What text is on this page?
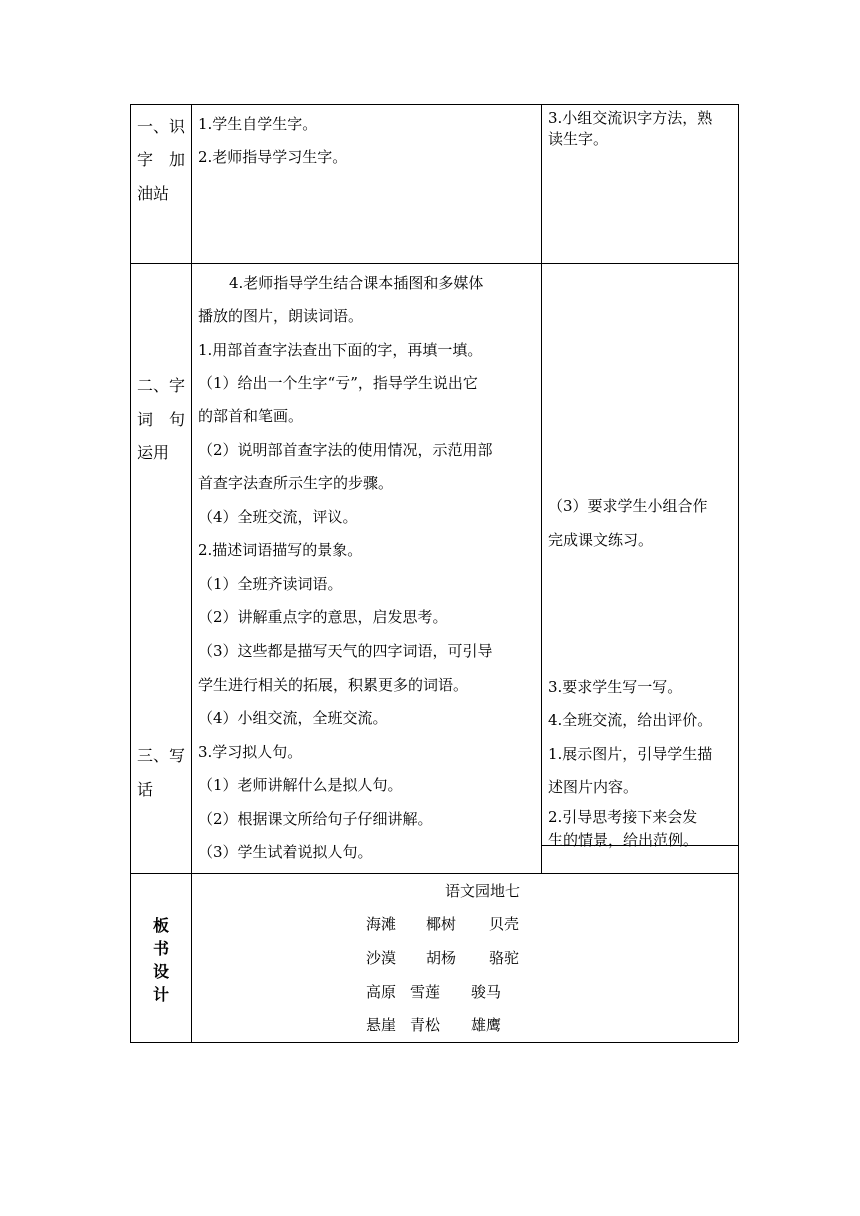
一、识
字　加
油站
1.学生自学生字。
2.老师指导学习生字。
3.小组交流识字方法，熟
读生字。
二、字
词　句
运用
三、写
话
4.老师指导学生结合课本插图和多媒体
播放的图片，朗读词语。
1.用部首查字法查出下面的字，再填一填。
（1）给出一个生字“亏”，指导学生说出它
的部首和笔画。
（2）说明部首查字法的使用情况，示范用部
首查字法查所示生字的步骤。
（4）全班交流，评议。
2.描述词语描写的景象。
（1）全班齐读词语。
（2）讲解重点字的意思，启发思考。
（3）这些都是描写天气的四字词语，可引导
学生进行相关的拓展，积累更多的词语。
（4）小组交流，全班交流。
3.学习拟人句。
（1）老师讲解什么是拟人句。
（2）根据课文所给句子仔细讲解。
（3）学生试着说拟人句。
（3）要求学生小组合作
完成课文练习。
3.要求学生写一写。
4.全班交流，给出评价。
1.展示图片，引导学生描
述图片内容。
2.引导思考接下来会发
生的情景，给出范例。
板
书
设
计
语文园地七
海滩 椰树 贝壳
沙漠 胡杨 骆驼
高原 雪莲 骏马
悬崖 青松 雄鹰
